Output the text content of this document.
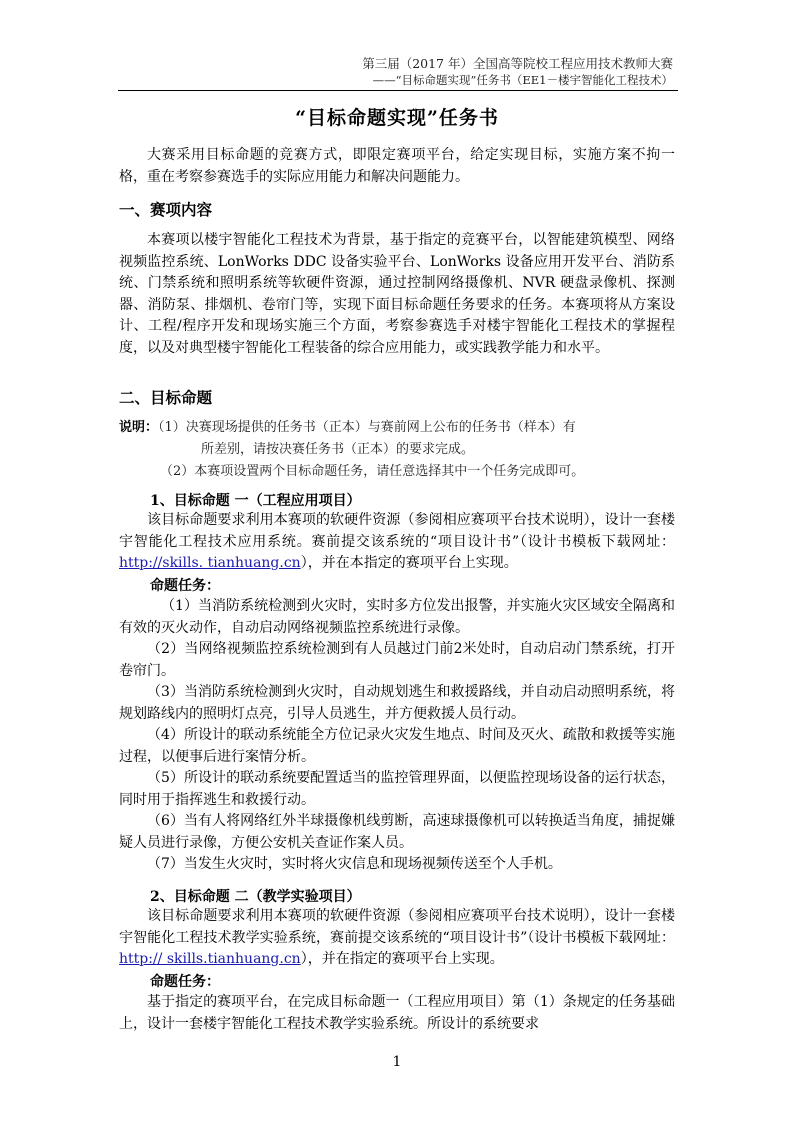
第三届（2017 年）全国高等院校工程应用技术教师大赛
——“目标命题实现”任务书（EE1－楼宇智能化工程技术）
“目标命题实现”任务书
大赛采用目标命题的竞赛方式，即限定赛项平台，给定实现目标，实施方案不拘一格，重在考察参赛选手的实际应用能力和解决问题能力。
一、赛项内容
本赛项以楼宇智能化工程技术为背景，基于指定的竞赛平台，以智能建筑模型、网络视频监控系统、LonWorks DDC 设备实验平台、LonWorks 设备应用开发平台、消防系统、门禁系统和照明系统等软硬件资源，通过控制网络摄像机、NVR 硬盘录像机、探测器、消防泵、排烟机、卷帘门等，实现下面目标命题任务要求的任务。本赛项将从方案设计、工程/程序开发和现场实施三个方面，考察参赛选手对楼宇智能化工程技术的掌握程度，以及对典型楼宇智能化工程装备的综合应用能力，或实践教学能力和水平。
二、目标命题
说明：（1）决赛现场提供的任务书（正本）与赛前网上公布的任务书（样本）有
所差别，请按决赛任务书（正本）的要求完成。
（2）本赛项设置两个目标命题任务，请任意选择其中一个任务完成即可。
1、目标命题 一（工程应用项目）
该目标命题要求利用本赛项的软硬件资源（参阅相应赛项平台技术说明），设计一套楼宇智能化工程技术应用系统。赛前提交该系统的“项目设计书”（设计书模板下载网址：http://skills. tianhuang.cn），并在本指定的赛项平台上实现。
命题任务：
（1）当消防系统检测到火灾时，实时多方位发出报警，并实施火灾区域安全隔离和有效的灭火动作，自动启动网络视频监控系统进行录像。
（2）当网络视频监控系统检测到有人员越过门前2米处时，自动启动门禁系统，打开卷帘门。
（3）当消防系统检测到火灾时，自动规划逃生和救援路线，并自动启动照明系统，将规划路线内的照明灯点亮，引导人员逃生，并方便救援人员行动。
（4）所设计的联动系统能全方位记录火灾发生地点、时间及灭火、疏散和救援等实施过程，以便事后进行案情分析。
（5）所设计的联动系统要配置适当的监控管理界面，以便监控现场设备的运行状态，同时用于指挥逃生和救援行动。
（6）当有人将网络红外半球摄像机线剪断，高速球摄像机可以转换适当角度，捕捉嫌疑人员进行录像，方便公安机关查证作案人员。
（7）当发生火灾时，实时将火灾信息和现场视频传送至个人手机。
2、目标命题 二（教学实验项目）
该目标命题要求利用本赛项的软硬件资源（参阅相应赛项平台技术说明），设计一套楼宇智能化工程技术教学实验系统，赛前提交该系统的“项目设计书”（设计书模板下载网址：http:// skills.tianhuang.cn），并在指定的赛项平台上实现。
命题任务：
基于指定的赛项平台，在完成目标命题一（工程应用项目）第（1）条规定的任务基础上，设计一套楼宇智能化工程技术教学实验系统。所设计的系统要求
1
